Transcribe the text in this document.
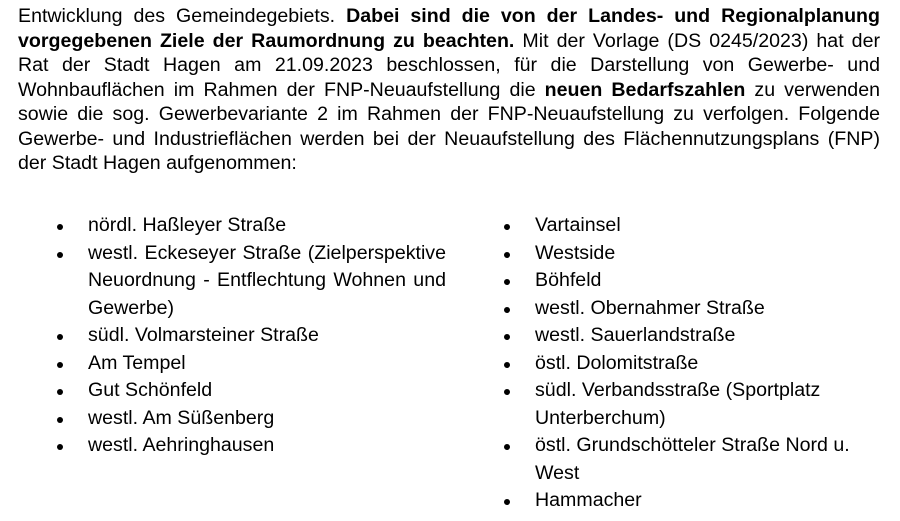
Entwicklung des Gemeindegebiets. Dabei sind die von der Landes- und Regionalplanung vorgegebenen Ziele der Raumordnung zu beachten. Mit der Vorlage (DS 0245/2023) hat der Rat der Stadt Hagen am 21.09.2023 beschlossen, für die Darstellung von Gewerbe- und Wohnbauflächen im Rahmen der FNP-Neuaufstellung die neuen Bedarfszahlen zu verwenden sowie die sog. Gewerbevariante 2 im Rahmen der FNP-Neuaufstellung zu verfolgen. Folgende Gewerbe- und Industrieflächen werden bei der Neuaufstellung des Flächennutzungsplans (FNP) der Stadt Hagen aufgenommen:

nördl. Haßleyer Straße
westl. Eckeseyer Straße (Zielperspektive Neuordnung - Entflechtung Wohnen und Gewerbe)
südl. Volmarsteiner Straße
Am Tempel
Gut Schönfeld
westl. Am Süßenberg
westl. Aehringhausen
Vartainsel
Westside
Böhfeld
westl. Obernahmer Straße
westl. Sauerlandstraße
östl. Dolomitstraße
südl. Verbandsstraße (Sportplatz Unterberchum)
östl. Grundschötteler Straße Nord u. West
Hammacher
